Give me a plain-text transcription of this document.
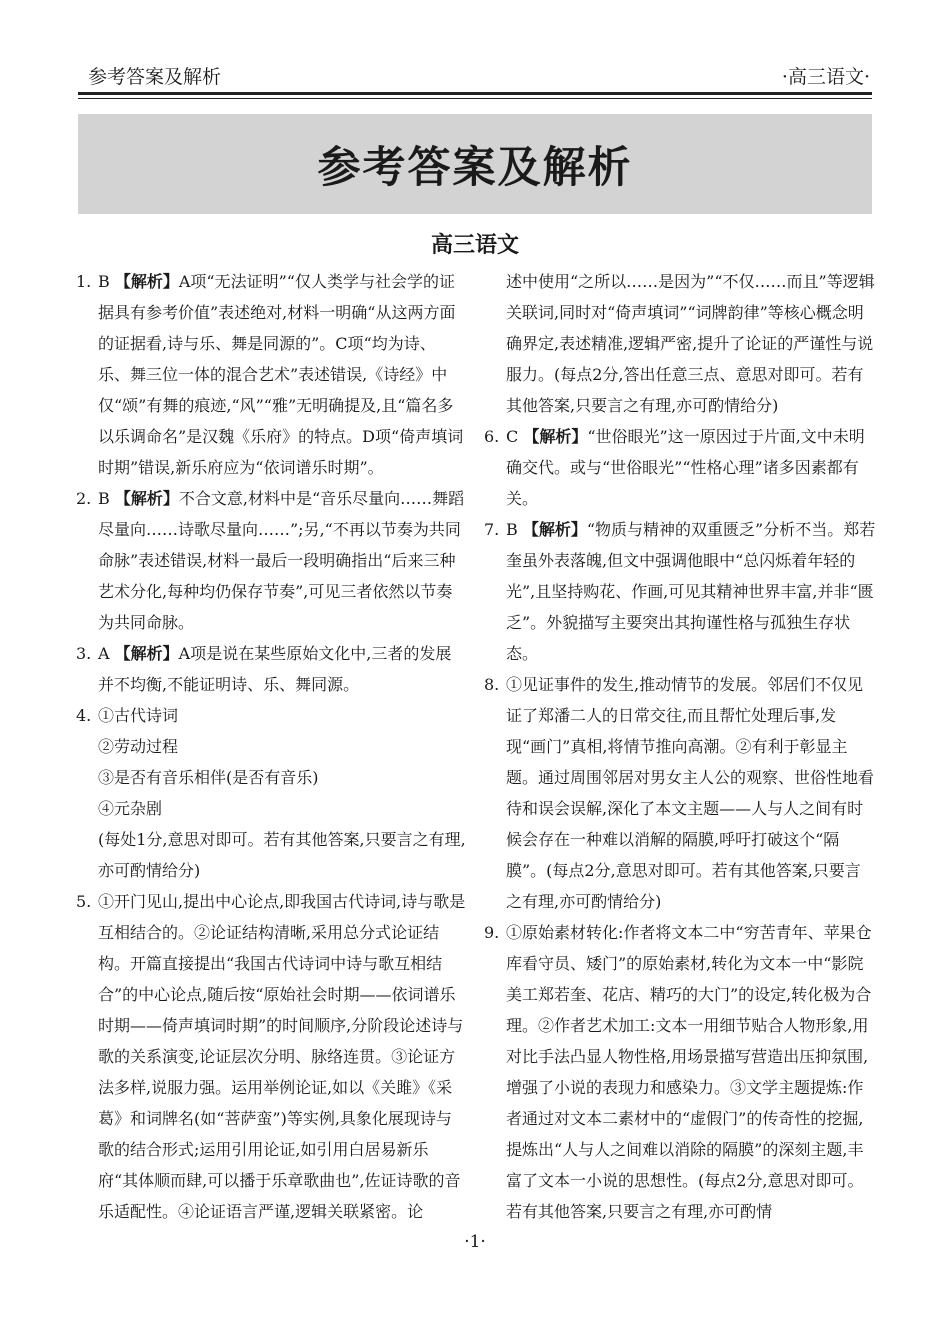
参考答案及解析	·高三语文·
参考答案及解析
高三语文
1. B 【解析】A项“无法证明”“仅人类学与社会学的证据具有参考价值”表述绝对,材料一明确“从这两方面的证据看,诗与乐、舞是同源的”。C项“均为诗、乐、舞三位一体的混合艺术”表述错误,《诗经》中仅“颂”有舞的痕迹,“风”“雅”无明确提及,且“篇名多以乐调命名”是汉魏《乐府》的特点。D项“倚声填词时期”错误,新乐府应为“依词谱乐时期”。
2. B 【解析】不合文意,材料中是“音乐尽量向……舞蹈尽量向……诗歌尽量向……”;另,“不再以节奏为共同命脉”表述错误,材料一最后一段明确指出“后来三种艺术分化,每种均仍保存节奏”,可见三者依然以节奏为共同命脉。
3. A 【解析】A项是说在某些原始文化中,三者的发展并不均衡,不能证明诗、乐、舞同源。
4. ①古代诗词
②劳动过程
③是否有音乐相伴(是否有音乐)
④元杂剧
(每处1分,意思对即可。若有其他答案,只要言之有理,亦可酌情给分)
5. ①开门见山,提出中心论点,即我国古代诗词,诗与歌是互相结合的。②论证结构清晰,采用总分式论证结构。开篇直接提出“我国古代诗词中诗与歌互相结合”的中心论点,随后按“原始社会时期——依词谱乐时期——倚声填词时期”的时间顺序,分阶段论述诗与歌的关系演变,论证层次分明、脉络连贯。③论证方法多样,说服力强。运用举例论证,如以《关雎》《采葛》和词牌名(如“菩萨蛮”)等实例,具象化展现诗与歌的结合形式;运用引用论证,如引用白居易新乐府“其体顺而肆,可以播于乐章歌曲也”,佐证诗歌的音乐适配性。④论证语言严谨,逻辑关联紧密。论
述中使用“之所以……是因为”“不仅……而且”等逻辑关联词,同时对“倚声填词”“词牌韵律”等核心概念明确界定,表述精准,逻辑严密,提升了论证的严谨性与说服力。(每点2分,答出任意三点、意思对即可。若有其他答案,只要言之有理,亦可酌情给分)
6. C 【解析】“世俗眼光”这一原因过于片面,文中未明确交代。或与“世俗眼光”“性格心理”诸多因素都有关。
7. B 【解析】“物质与精神的双重匮乏”分析不当。郑若奎虽外表落魄,但文中强调他眼中“总闪烁着年轻的光”,且坚持购花、作画,可见其精神世界丰富,并非“匮乏”。外貌描写主要突出其拘谨性格与孤独生存状态。
8. ①见证事件的发生,推动情节的发展。邻居们不仅见证了郑潘二人的日常交往,而且帮忙处理后事,发现“画门”真相,将情节推向高潮。②有利于彰显主题。通过周围邻居对男女主人公的观察、世俗性地看待和误会误解,深化了本文主题——人与人之间有时候会存在一种难以消解的隔膜,呼吁打破这个“隔膜”。(每点2分,意思对即可。若有其他答案,只要言之有理,亦可酌情给分)
9. ①原始素材转化:作者将文本二中“穷苦青年、苹果仓库看守员、矮门”的原始素材,转化为文本一中“影院美工郑若奎、花店、精巧的大门”的设定,转化极为合理。②作者艺术加工:文本一用细节贴合人物形象,用对比手法凸显人物性格,用场景描写营造出压抑氛围,增强了小说的表现力和感染力。③文学主题提炼:作者通过对文本二素材中的“虚假门”的传奇性的挖掘,提炼出“人与人之间难以消除的隔膜”的深刻主题,丰富了文本一小说的思想性。(每点2分,意思对即可。若有其他答案,只要言之有理,亦可酌情
·1·
